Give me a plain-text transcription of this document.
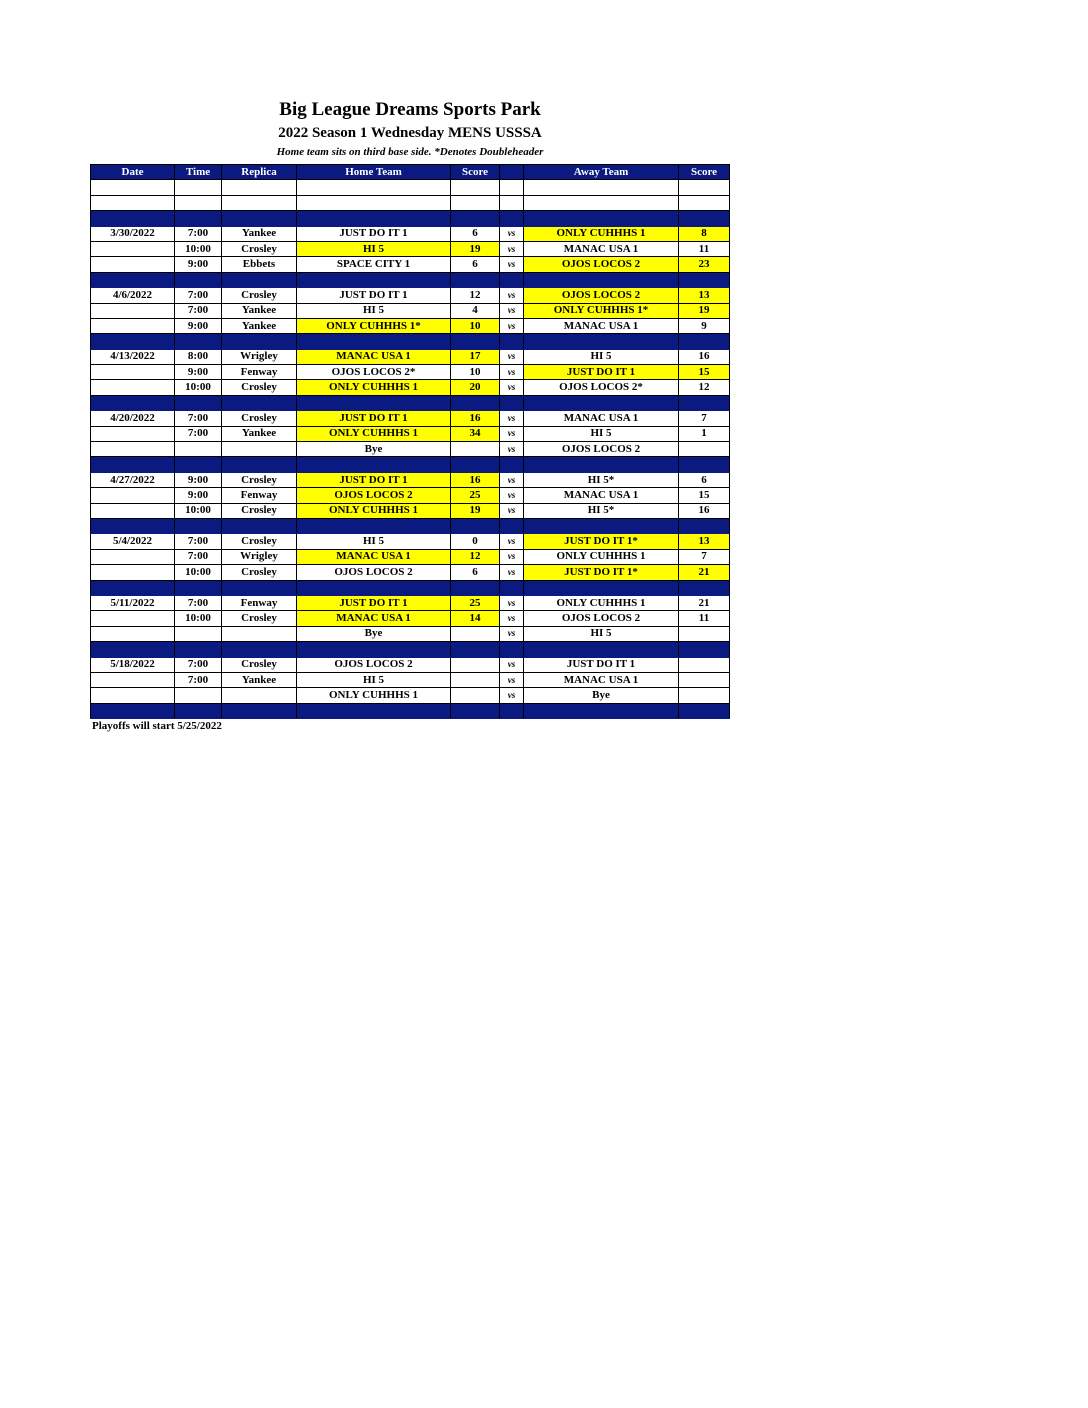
Big League Dreams Sports Park
2022 Season 1 Wednesday MENS USSSA
Home team sits on third base side. *Denotes Doubleheader
Date	Time	Replica	Home Team	Score		Away Team	Score

3/30/2022	7:00	Yankee	JUST DO IT 1	6	vs	ONLY CUHHHS 1	8
	10:00	Crosley	HI 5	19	vs	MANAC USA 1	11
	9:00	Ebbets	SPACE CITY 1	6	vs	OJOS LOCOS 2	23

4/6/2022	7:00	Crosley	JUST DO IT 1	12	vs	OJOS LOCOS 2	13
	7:00	Yankee	HI 5	4	vs	ONLY CUHHHS 1*	19
	9:00	Yankee	ONLY CUHHHS 1*	10	vs	MANAC USA 1	9

4/13/2022	8:00	Wrigley	MANAC USA 1	17	vs	HI 5	16
	9:00	Fenway	OJOS LOCOS 2*	10	vs	JUST DO IT 1	15
	10:00	Crosley	ONLY CUHHHS 1	20	vs	OJOS LOCOS 2*	12

4/20/2022	7:00	Crosley	JUST DO IT 1	16	vs	MANAC USA 1	7
	7:00	Yankee	ONLY CUHHHS 1	34	vs	HI 5	1
			Bye		vs	OJOS LOCOS 2	

4/27/2022	9:00	Crosley	JUST DO IT 1	16	vs	HI 5*	6
	9:00	Fenway	OJOS LOCOS 2	25	vs	MANAC USA 1	15
	10:00	Crosley	ONLY CUHHHS 1	19	vs	HI 5*	16

5/4/2022	7:00	Crosley	HI 5	0	vs	JUST DO IT 1*	13
	7:00	Wrigley	MANAC USA 1	12	vs	ONLY CUHHHS 1	7
	10:00	Crosley	OJOS LOCOS 2	6	vs	JUST DO IT 1*	21

5/11/2022	7:00	Fenway	JUST DO IT 1	25	vs	ONLY CUHHHS 1	21
	10:00	Crosley	MANAC USA 1	14	vs	OJOS LOCOS 2	11
			Bye		vs	HI 5	

5/18/2022	7:00	Crosley	OJOS LOCOS 2		vs	JUST DO IT 1	
	7:00	Yankee	HI 5		vs	MANAC USA 1	
			ONLY CUHHHS 1		vs	Bye	

Playoffs will start 5/25/2022
